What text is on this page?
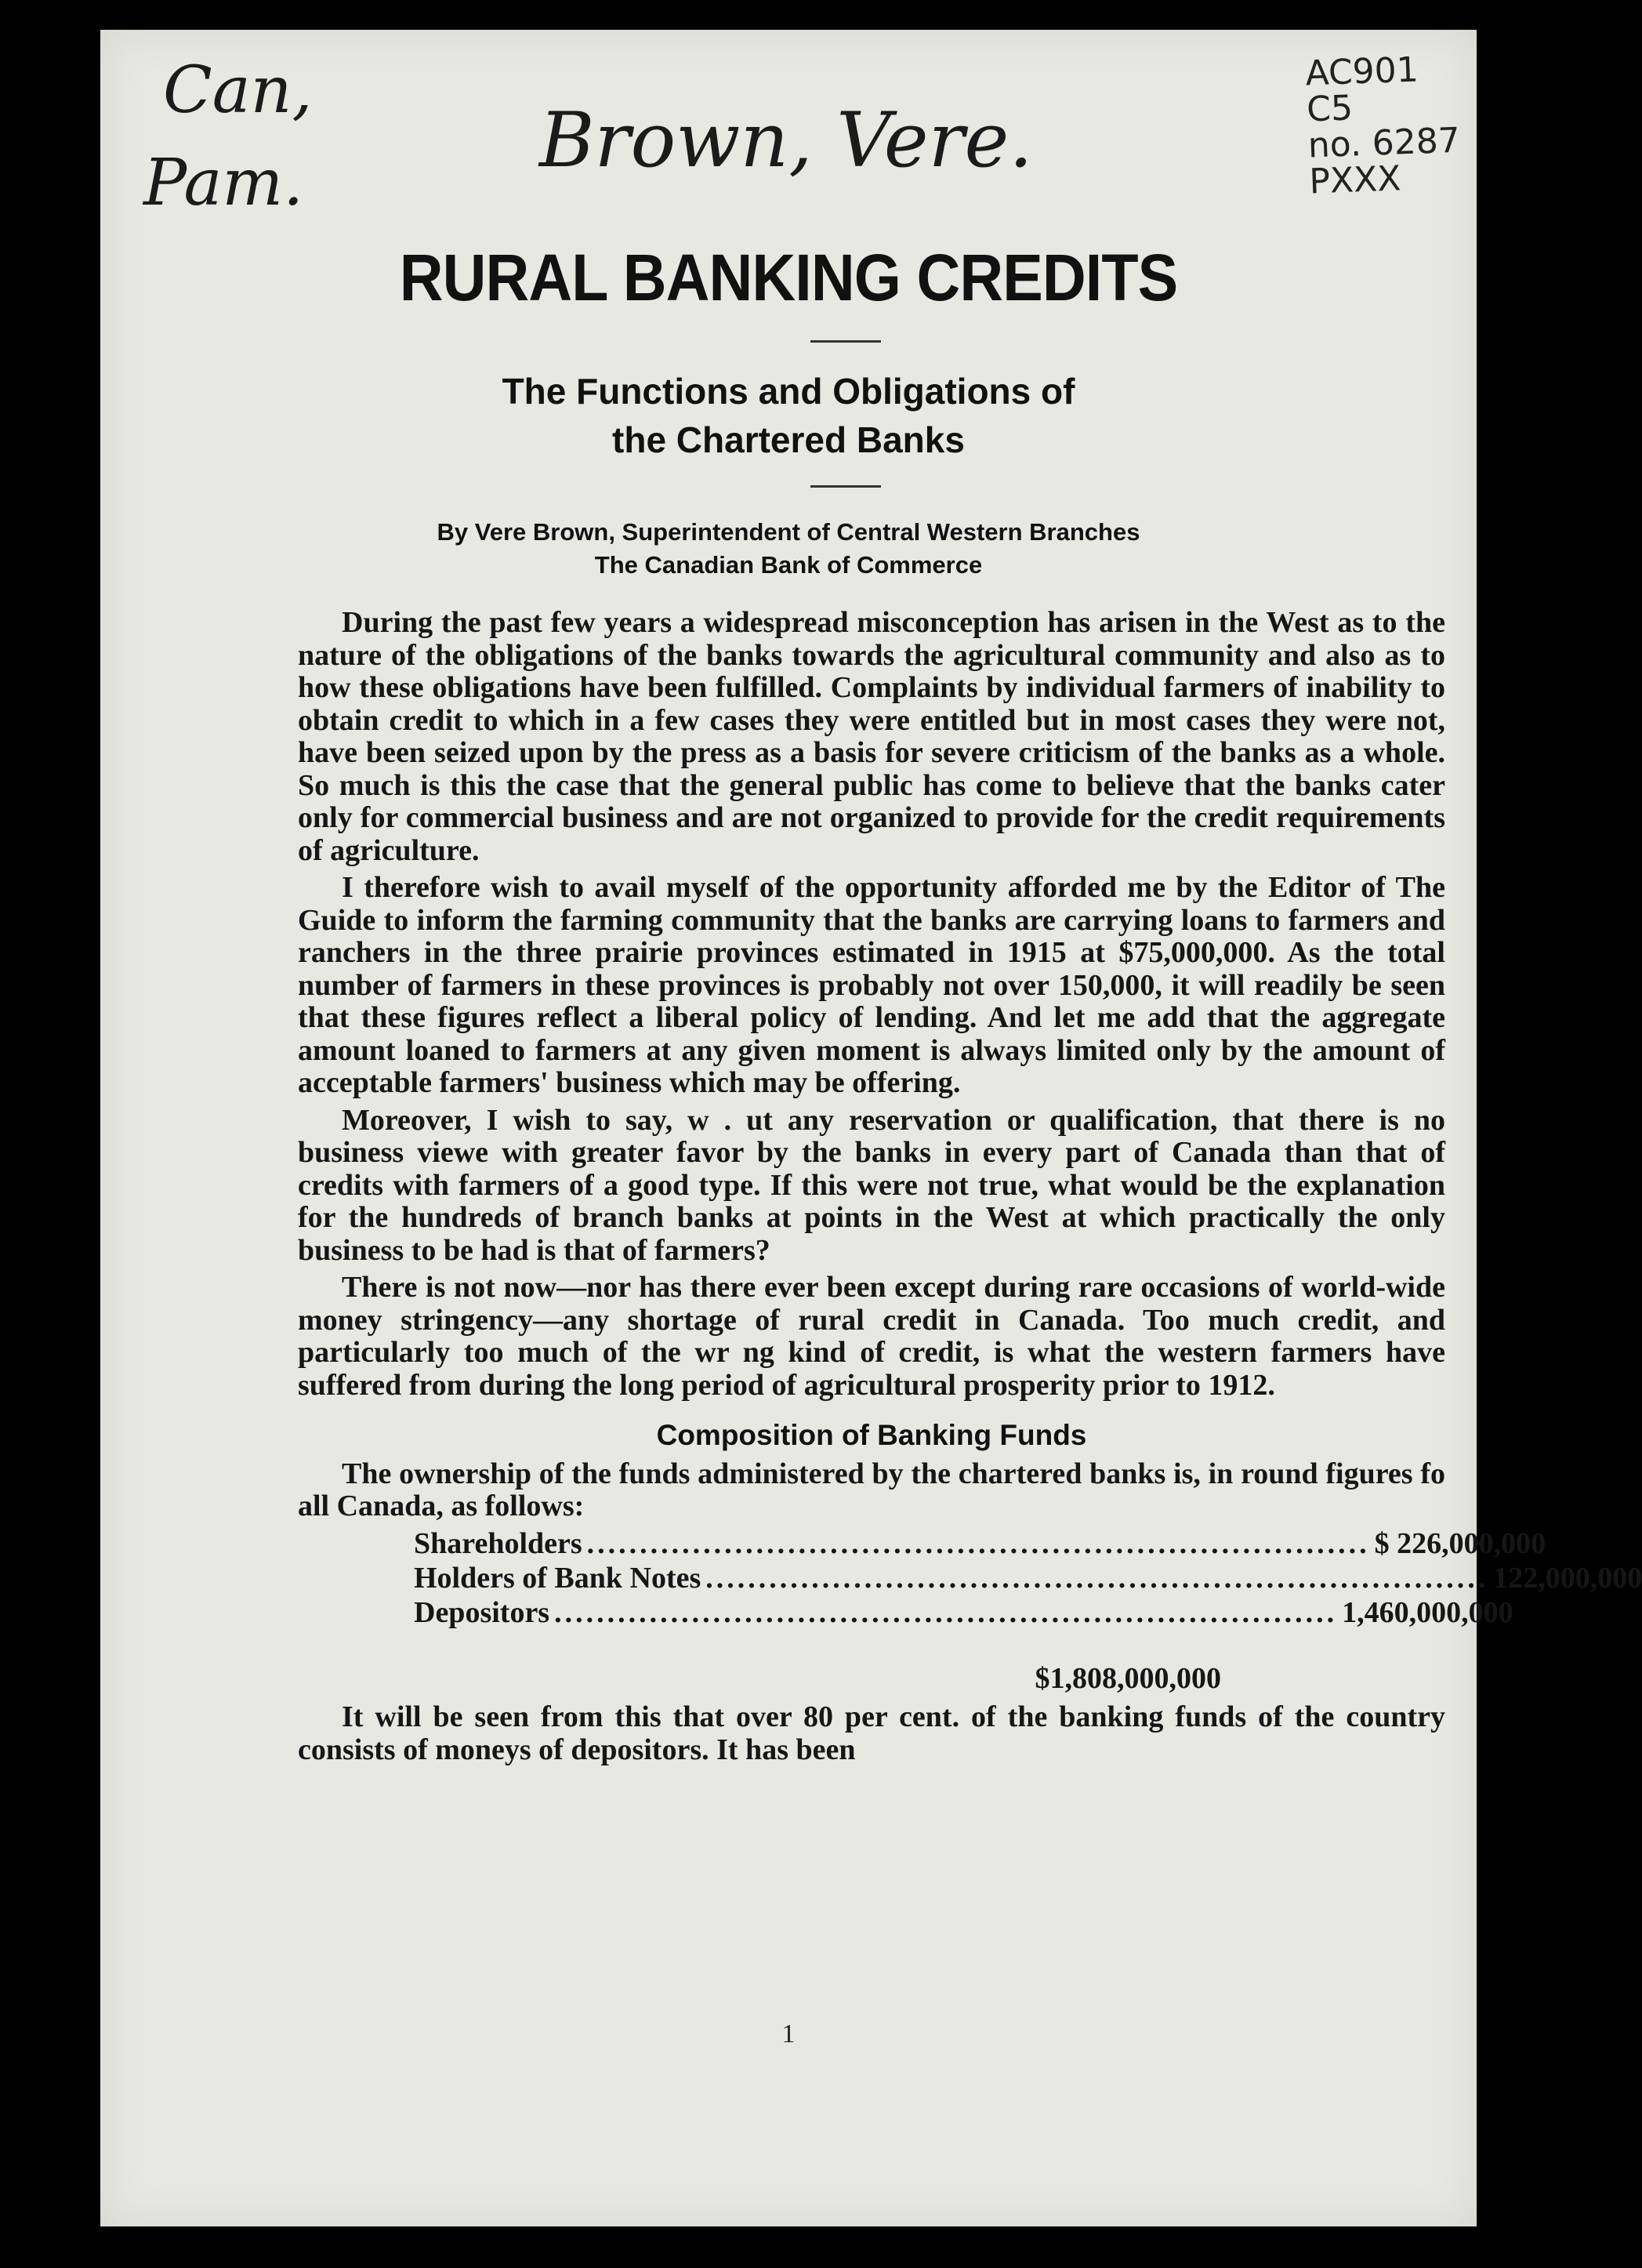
Can,
Pam.	Brown, Vere.
AC901
C5
no. 6287
PXXX
RURAL BANKING CREDITS
The Functions and Obligations of
the Chartered Banks
By Vere Brown, Superintendent of Central Western Branches
The Canadian Bank of Commerce

During the past few years a widespread misconception has arisen in the West as to the nature of the obligations of the banks towards the agricultural community and also as to how these obligations have been fulfilled. Complaints by individual farmers of inability to obtain credit to which in a few cases they were entitled but in most cases they were not, have been seized upon by the press as a basis for severe criticism of the banks as a whole. So much is this the case that the general public has come to believe that the banks cater only for commercial business and are not organized to provide for the credit requirements of agriculture.

I therefore wish to avail myself of the opportunity afforded me by the Editor of The Guide to inform the farming community that the banks are carrying loans to farmers and ranchers in the three prairie provinces estimated in 1915 at $75,000,000. As the total number of farmers in these provinces is probably not over 150,000, it will readily be seen that these figures reflect a liberal policy of lending. And let me add that the aggregate amount loaned to farmers at any given moment is always limited only by the amount of acceptable farmers' business which may be offering.

Moreover, I wish to say, w . ut any reservation or qualification, that there is no business viewe with greater favor by the banks in every part of Canada than that of credits with farmers of a good type. If this were not true, what would be the explanation for the hundreds of branch banks at points in the West at which practically the only business to be had is that of farmers?

There is not now—nor has there ever been except during rare occasions of world-wide money stringency—any shortage of rural credit in Canada. Too much credit, and particularly too much of the wr ng kind of credit, is what the western farmers have suffered from during the long period of agricultural prosperity prior to 1912.

Composition of Banking Funds

The ownership of the funds administered by the chartered banks is, in round figures fo all Canada, as follows:

Shareholders .......................................................................... $ 226,000,000
Holders of Bank Notes .......................................................................... 122,000,000
Depositors .......................................................................... 1,460,000,000
$1,808,000,000

It will be seen from this that over 80 per cent. of the banking funds of the country consists of moneys of depositors. It has been

1
